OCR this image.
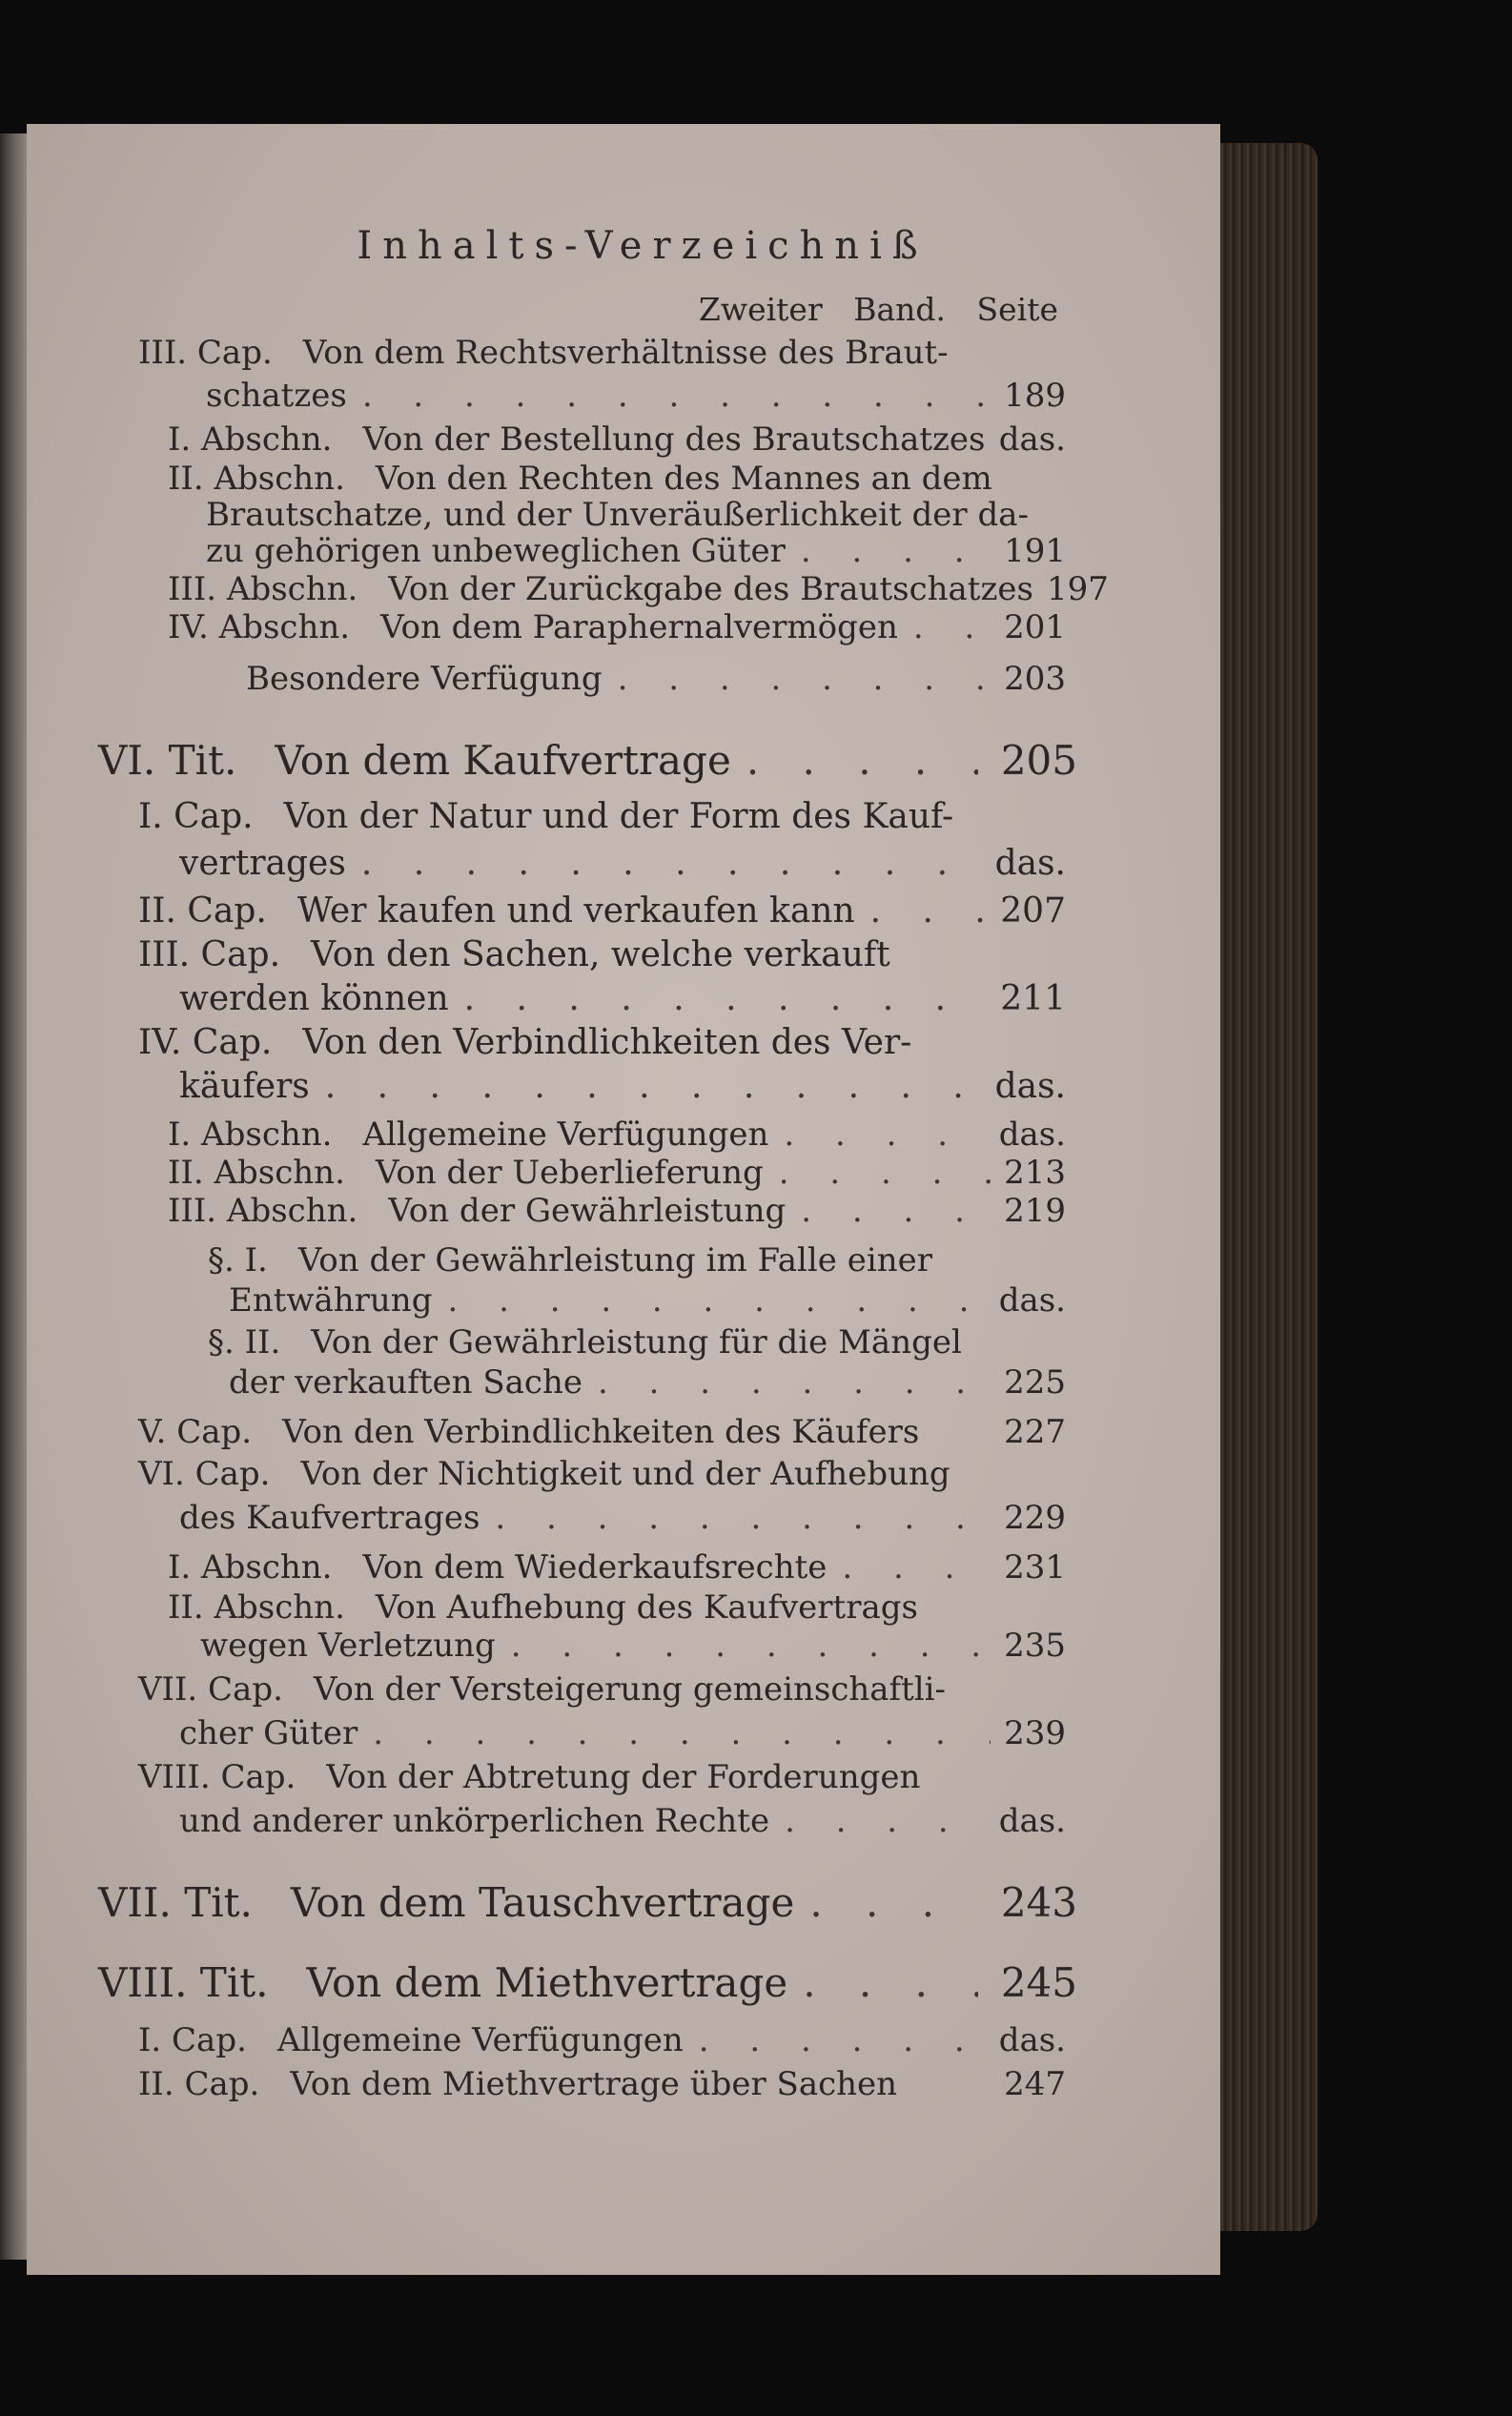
Inhalts-Verzeichniß
Zweiter Band. Seite
III. Cap. Von dem Rechtsverhältnisse des Braut-
schatzes . . .	189
I. Abschn. Von der Bestellung des Brautschatzes das.
II. Abschn. Von den Rechten des Mannes an dem
Brautschatze, und der Unveräußerlichkeit der da-
zu gehörigen unbeweglichen Güter . . .	191
III. Abschn. Von der Zurückgabe des Brautschatzes 197
IV. Abschn. Von dem Paraphernalvermögen . . .	201
Besondere Verfügung . . .	203
VI. Tit. Von dem Kaufvertrage . . .	205
I. Cap. Von der Natur und der Form des Kauf-
vertrages . . .	das.
II. Cap. Wer kaufen und verkaufen kann . . .	207
III. Cap. Von den Sachen, welche verkauft
werden können . . .	211
IV. Cap. Von den Verbindlichkeiten des Ver-
käufers . . .	das.
I. Abschn. Allgemeine Verfügungen . . .	das.
II. Abschn. Von der Ueberlieferung . . .	213
III. Abschn. Von der Gewährleistung . . .	219
§. I. Von der Gewährleistung im Falle einer
Entwährung . . .	das.
§. II. Von der Gewährleistung für die Mängel
der verkauften Sache . . .	225
V. Cap. Von den Verbindlichkeiten des Käufers	227
VI. Cap. Von der Nichtigkeit und der Aufhebung
des Kaufvertrages . . .	229
I. Abschn. Von dem Wiederkaufsrechte . . .	231
II. Abschn. Von Aufhebung des Kaufvertrags
wegen Verletzung . . .	235
VII. Cap. Von der Versteigerung gemeinschaftli-
cher Güter . . .	239
VIII. Cap. Von der Abtretung der Forderungen
und anderer unkörperlichen Rechte . . .	das.
VII. Tit. Von dem Tauschvertrage . . .	243
VIII. Tit. Von dem Miethvertrage . . .	245
I. Cap. Allgemeine Verfügungen . . .	das.
II. Cap. Von dem Miethvertrage über Sachen	247
